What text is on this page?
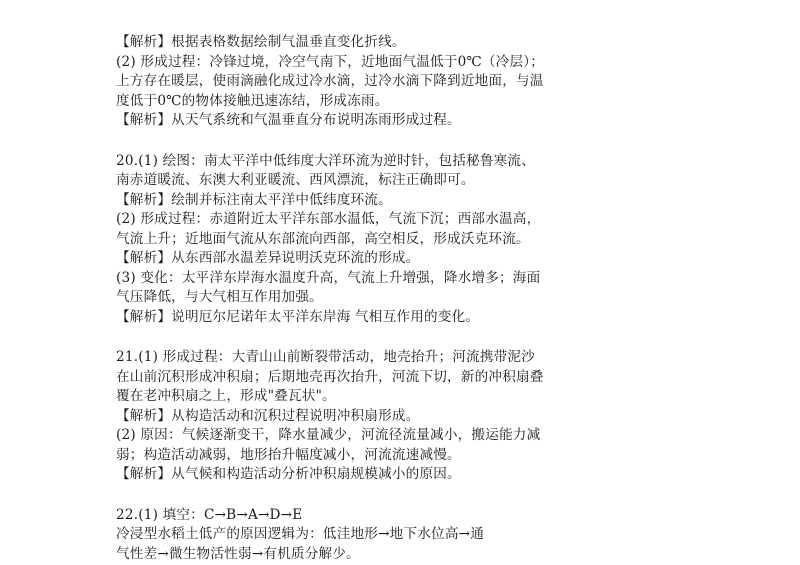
【解析】根据表格数据绘制气温垂直变化折线。
(2) 形成过程：冷锋过境，冷空气南下，近地面气温低于0℃（冷层）；
上方存在暖层，使雨滴融化成过冷水滴，过冷水滴下降到近地面，与温
度低于0℃的物体接触迅速冻结，形成冻雨。
【解析】从天气系统和气温垂直分布说明冻雨形成过程。
20.(1) 绘图：南太平洋中低纬度大洋环流为逆时针，包括秘鲁寒流、
南赤道暖流、东澳大利亚暖流、西风漂流，标注正确即可。
【解析】绘制并标注南太平洋中低纬度环流。
(2) 形成过程：赤道附近太平洋东部水温低，气流下沉；西部水温高，
气流上升；近地面气流从东部流向西部，高空相反，形成沃克环流。
【解析】从东西部水温差异说明沃克环流的形成。
(3) 变化：太平洋东岸海水温度升高，气流上升增强，降水增多；海面
气压降低，与大气相互作用加强。
【解析】说明厄尔尼诺年太平洋东岸海 气相互作用的变化。
21.(1) 形成过程：大青山山前断裂带活动，地壳抬升；河流携带泥沙
在山前沉积形成冲积扇；后期地壳再次抬升，河流下切，新的冲积扇叠
覆在老冲积扇之上，形成"叠瓦状"。
【解析】从构造活动和沉积过程说明冲积扇形成。
(2) 原因：气候逐渐变干，降水量减少，河流径流量减小，搬运能力减
弱；构造活动减弱，地形抬升幅度减小，河流流速减慢。
【解析】从气候和构造活动分析冲积扇规模减小的原因。
22.(1) 填空：C→B→A→D→E
冷浸型水稻土低产的原因逻辑为：低洼地形→地下水位高→通
气性差→微生物活性弱→有机质分解少。
